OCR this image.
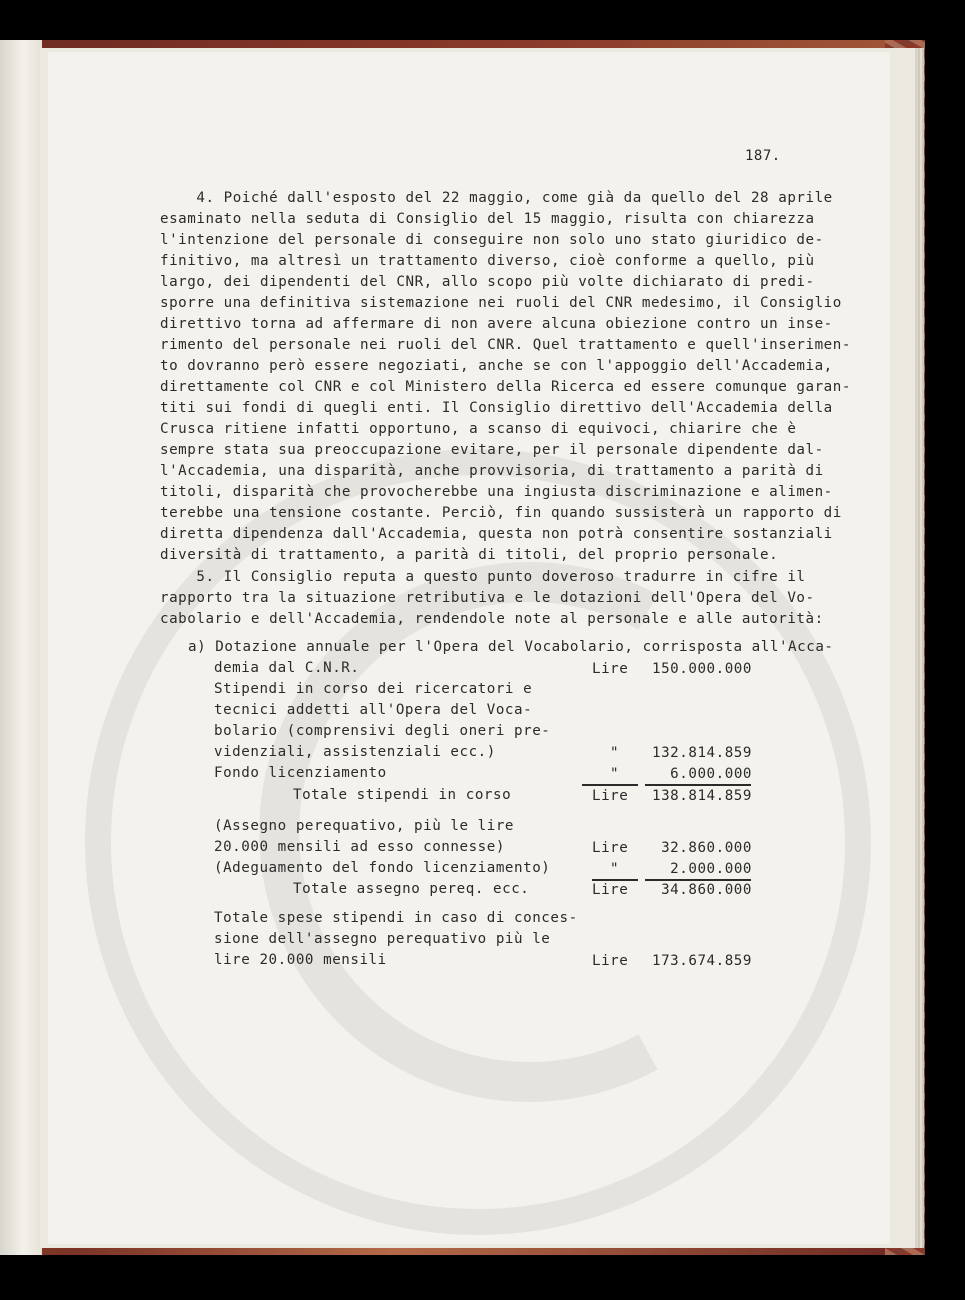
187.
4. Poiché dall'esposto del 22 maggio, come già da quello del 28 aprile
esaminato nella seduta di Consiglio del 15 maggio, risulta con chiarezza
l'intenzione del personale di conseguire non solo uno stato giuridico de-
finitivo, ma altresì un trattamento diverso, cioè conforme a quello, più
largo, dei dipendenti del CNR, allo scopo più volte dichiarato di predi-
sporre una definitiva sistemazione nei ruoli del CNR medesimo, il Consiglio
direttivo torna ad affermare di non avere alcuna obiezione contro un inse-
rimento del personale nei ruoli del CNR. Quel trattamento e quell'inserimen-
to dovranno però essere negoziati, anche se con l'appoggio dell'Accademia,
direttamente col CNR e col Ministero della Ricerca ed essere comunque garan-
titi sui fondi di quegli enti. Il Consiglio direttivo dell'Accademia della
Crusca ritiene infatti opportuno, a scanso di equivoci, chiarire che è
sempre stata sua preoccupazione evitare, per il personale dipendente dal-
l'Accademia, una disparità, anche provvisoria, di trattamento a parità di
titoli, disparità che provocherebbe una ingiusta discriminazione e alimen-
terebbe una tensione costante. Perciò, fin quando sussisterà un rapporto di
diretta dipendenza dall'Accademia, questa non potrà consentire sostanziali
diversità di trattamento, a parità di titoli, del proprio personale.
5. Il Consiglio reputa a questo punto doveroso tradurre in cifre il
rapporto tra la situazione retributiva e le dotazioni dell'Opera del Vo-
cabolario e dell'Accademia, rendendole note al personale e alle autorità:
a) Dotazione annuale per l'Opera del Vocabolario, corrisposta all'Acca-
demia dal C.N.R.	Lire 150.000.000
Stipendi in corso dei ricercatori e
tecnici addetti all'Opera del Voca-
bolario (comprensivi degli oneri pre-
videnziali, assistenziali ecc.)	" 132.814.859
Fondo licenziamento	"	6.000.000
Totale stipendi in corso	Lire 138.814.859
(Assegno perequativo, più le lire
20.000 mensili ad esso connesse)	Lire 32.860.000
(Adeguamento del fondo licenziamento)	"	2.000.000
Totale assegno pereq. ecc.	Lire 34.860.000
Totale spese stipendi in caso di conces-
sione dell'assegno perequativo più le
lire 20.000 mensili	Lire 173.674.859
